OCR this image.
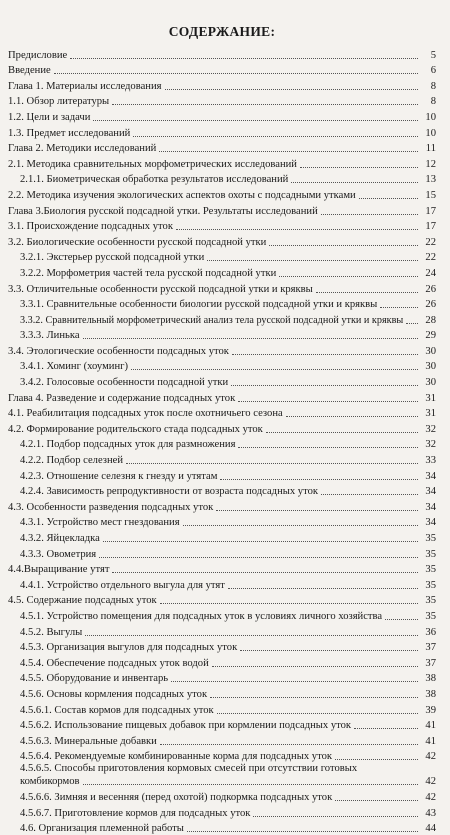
СОДЕРЖАНИЕ:
Предисловие	5
Введение	6
Глава 1. Материалы исследования	8
1.1. Обзор литературы	8
1.2. Цели и задачи	10
1.3. Предмет исследований	10
Глава 2. Методики исследований	11
2.1. Методика сравнительных морфометрических исследований	12
2.1.1. Биометрическая обработка результатов исследований	13
2.2. Методика изучения экологических аспектов охоты с подсадными утками	15
Глава 3.Биология русской подсадной утки. Результаты исследований	17
3.1. Происхождение подсадных уток	17
3.2. Биологические особенности русской подсадной утки	22
3.2.1. Экстерьер русской подсадной утки	22
3.2.2. Морфометрия частей тела русской подсадной утки	24
3.3. Отличительные особенности русской подсадной утки и кряквы	26
3.3.1. Сравнительные особенности биологии русской подсадной утки и кряквы	26
3.3.2. Сравнительный морфометрический анализ тела русской подсадной утки и кряквы	28
3.3.3. Линька	29
3.4. Этологические особенности подсадных уток	30
3.4.1. Хоминг (хоуминг)	30
3.4.2. Голосовые особенности подсадной утки	30
Глава 4. Разведение и содержание подсадных уток	31
4.1. Реабилитация подсадных уток после охотничьего сезона	31
4.2. Формирование родительского стада подсадных уток	32
4.2.1. Подбор подсадных уток для размножения	32
4.2.2. Подбор селезней	33
4.2.3. Отношение селезня к гнезду и утятам	34
4.2.4. Зависимость репродуктивности от возраста подсадных уток	34
4.3. Особенности разведения подсадных уток	34
4.3.1. Устройство мест гнездования	34
4.3.2. Яйцекладка	35
4.3.3. Овометрия	35
4.4.Выращивание утят	35
4.4.1. Устройство отдельного выгула для утят	35
4.5. Содержание подсадных уток	35
4.5.1. Устройство помещения для подсадных уток в условиях личного хозяйства	35
4.5.2. Выгулы	36
4.5.3. Организация выгулов для подсадных уток	37
4.5.4. Обеспечение подсадных уток водой	37
4.5.5. Оборудование и инвентарь	38
4.5.6. Основы кормления подсадных уток	38
4.5.6.1. Состав кормов для подсадных уток	39
4.5.6.2. Использование пищевых добавок при кормлении подсадных уток	41
4.5.6.3. Минеральные добавки	41
4.5.6.4. Рекомендуемые комбинированные корма для подсадных уток	42
4.5.6.5. Способы приготовления кормовых смесей при отсутствии готовых
комбикормов	42
4.5.6.6. Зимняя и весенняя (перед охотой) подкормка подсадных уток	42
4.5.6.7. Приготовление кормов для подсадных уток	43
4.6. Организация племенной работы	44
